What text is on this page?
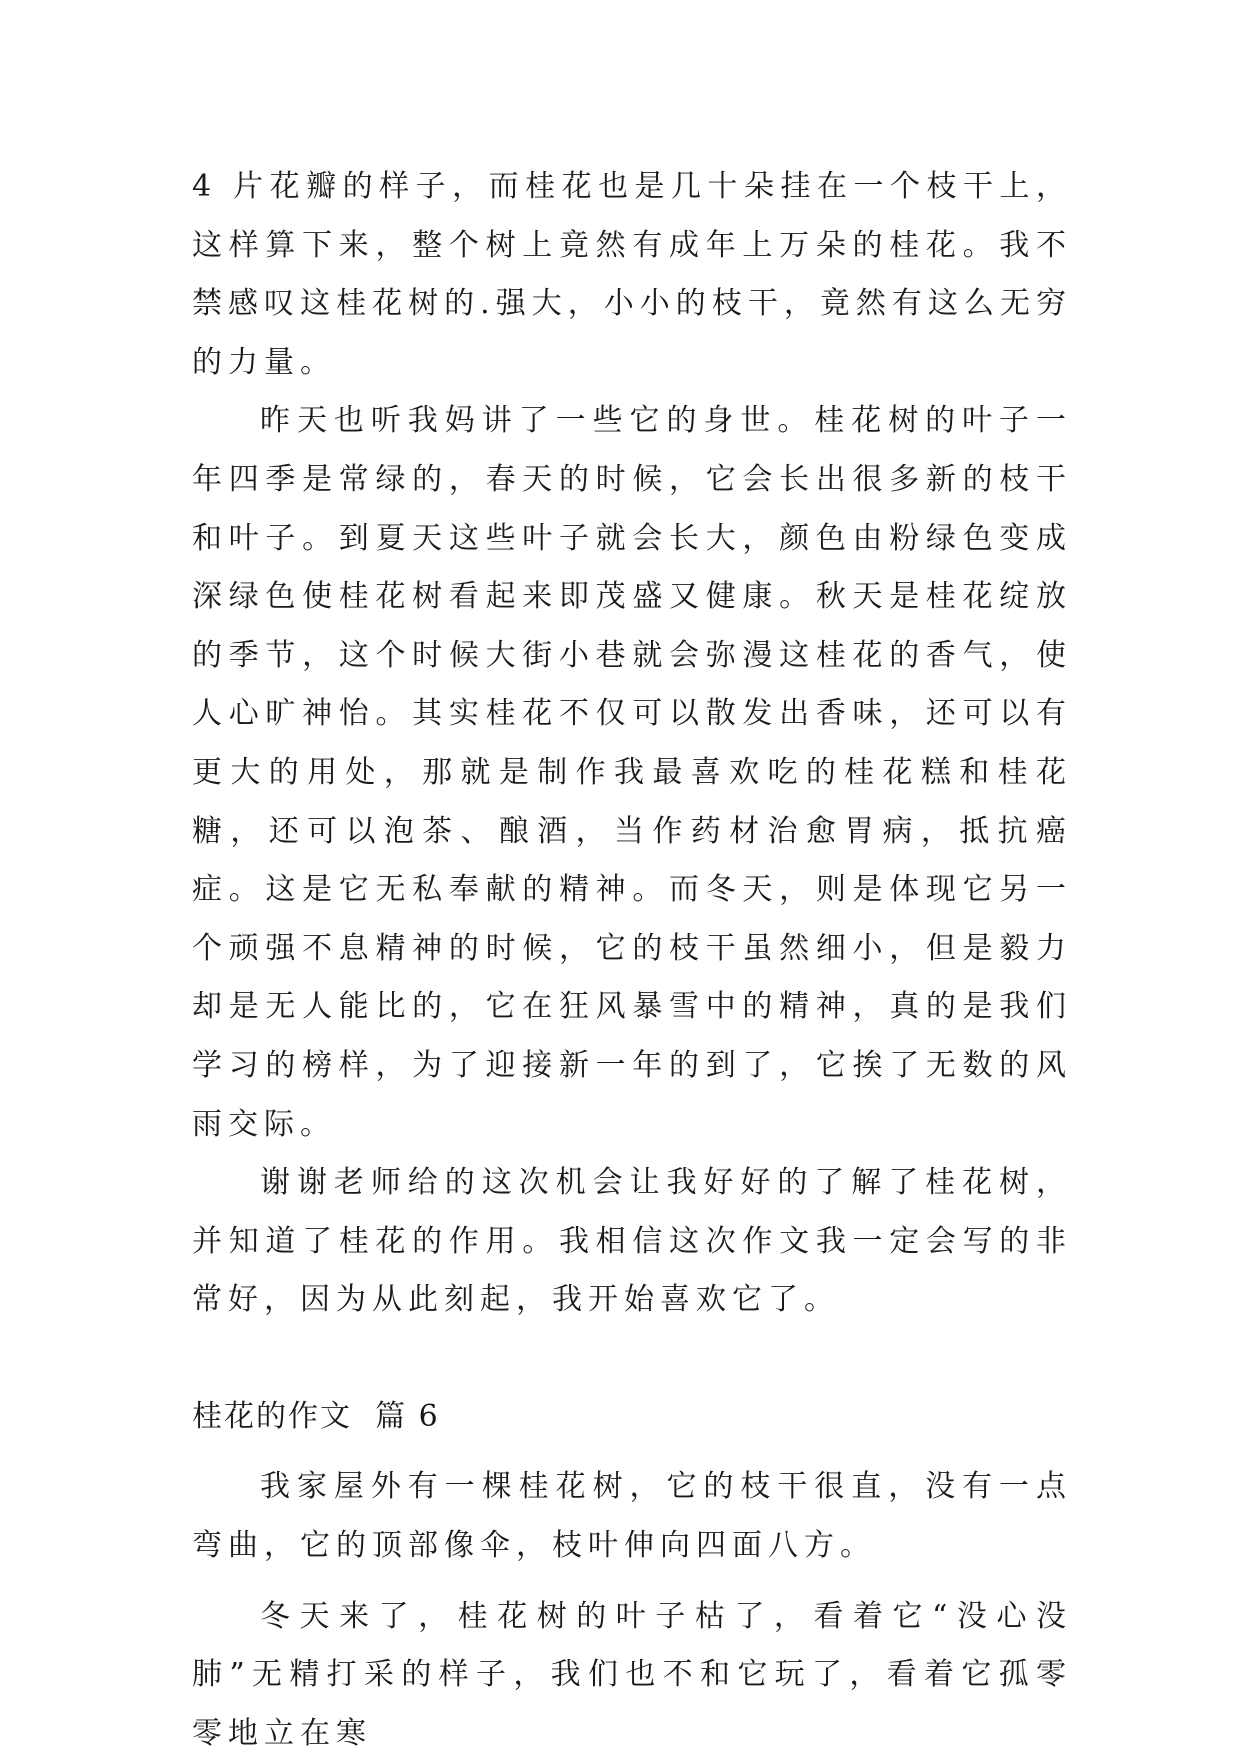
4 片花瓣的样子，而桂花也是几十朵挂在一个枝干上，这样算下来，整个树上竟然有成年上万朵的桂花。我不禁感叹这桂花树的.强大，小小的枝干，竟然有这么无穷的力量。

昨天也听我妈讲了一些它的身世。桂花树的叶子一年四季是常绿的，春天的时候，它会长出很多新的枝干和叶子。到夏天这些叶子就会长大，颜色由粉绿色变成深绿色使桂花树看起来即茂盛又健康。秋天是桂花绽放的季节，这个时候大街小巷就会弥漫这桂花的香气，使人心旷神怡。其实桂花不仅可以散发出香味，还可以有更大的用处，那就是制作我最喜欢吃的桂花糕和桂花糖，还可以泡茶、酿酒，当作药材治愈胃病，抵抗癌症。这是它无私奉献的精神。而冬天，则是体现它另一个顽强不息精神的时候，它的枝干虽然细小，但是毅力却是无人能比的，它在狂风暴雪中的精神，真的是我们学习的榜样，为了迎接新一年的到了，它挨了无数的风雨交际。

谢谢老师给的这次机会让我好好的了解了桂花树，并知道了桂花的作用。我相信这次作文我一定会写的非常好，因为从此刻起，我开始喜欢它了。

桂花的作文  篇 6

我家屋外有一棵桂花树，它的枝干很直，没有一点弯曲，它的顶部像伞，枝叶伸向四面八方。

冬天来了，桂花树的叶子枯了，看着它“没心没肺”无精打采的样子，我们也不和它玩了，看着它孤零零地立在寒
